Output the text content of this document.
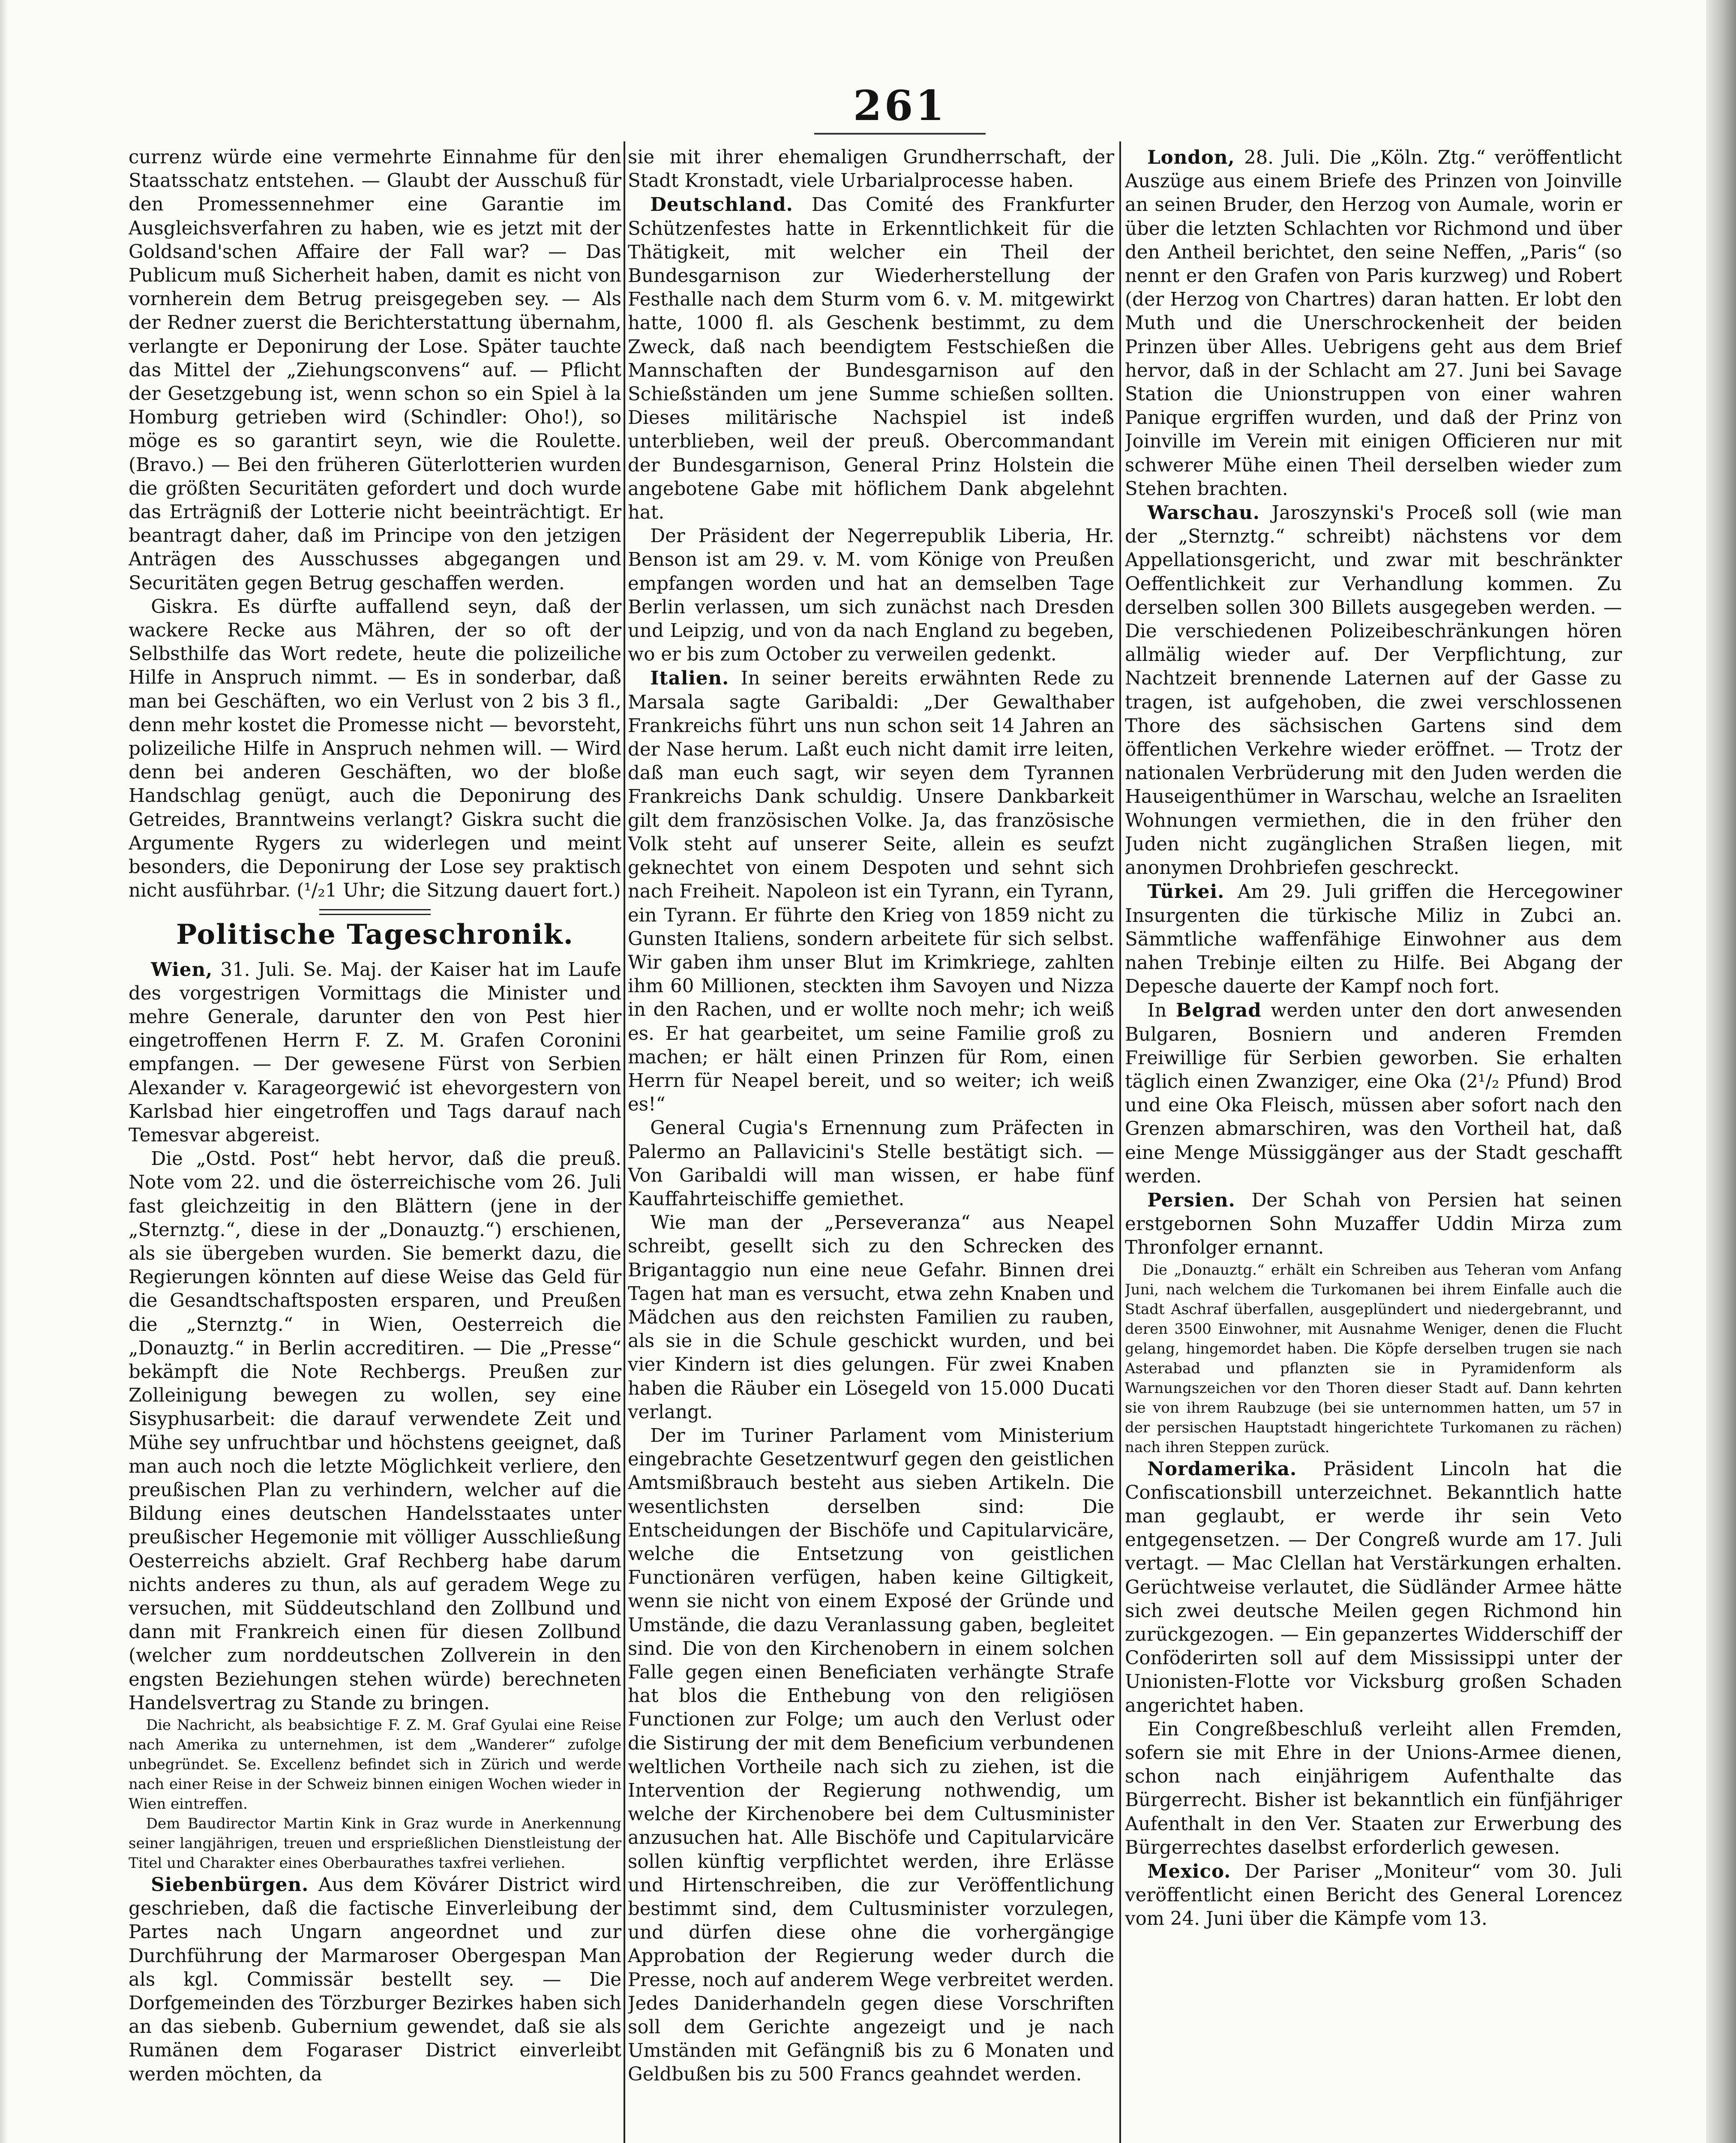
261

currenz würde eine vermehrte Einnahme für den Staatsschatz entstehen. — Glaubt der Ausschuß für den Promessennehmer eine Garantie im Ausgleichsverfahren zu haben, wie es jetzt mit der Goldsand'schen Affaire der Fall war? — Das Publicum muß Sicherheit haben, damit es nicht von vornherein dem Betrug preisgegeben sey. — Als der Redner zuerst die Berichterstattung übernahm, verlangte er Deponirung der Lose. Später tauchte das Mittel der „Ziehungsconvens“ auf. — Pflicht der Gesetzgebung ist, wenn schon so ein Spiel à la Homburg getrieben wird (Schindler: Oho!), so möge es so garantirt seyn, wie die Roulette. (Bravo.) — Bei den früheren Güterlotterien wurden die größten Securitäten gefordert und doch wurde das Erträgniß der Lotterie nicht beeinträchtigt. Er beantragt daher, daß im Principe von den jetzigen Anträgen des Ausschusses abgegangen und Securitäten gegen Betrug geschaffen werden.

Giskra. Es dürfte auffallend seyn, daß der wackere Recke aus Mähren, der so oft der Selbsthilfe das Wort redete, heute die polizeiliche Hilfe in Anspruch nimmt. — Es in sonderbar, daß man bei Geschäften, wo ein Verlust von 2 bis 3 fl., denn mehr kostet die Promesse nicht — bevorsteht, polizeiliche Hilfe in Anspruch nehmen will. — Wird denn bei anderen Geschäften, wo der bloße Handschlag genügt, auch die Deponirung des Getreides, Branntweins verlangt? Giskra sucht die Argumente Rygers zu widerlegen und meint besonders, die Deponirung der Lose sey praktisch nicht ausführbar. (¹/₂1 Uhr; die Sitzung dauert fort.)

Politische Tageschronik.

Wien, 31. Juli. Se. Maj. der Kaiser hat im Laufe des vorgestrigen Vormittags die Minister und mehre Generale, darunter den von Pest hier eingetroffenen Herrn F. Z. M. Grafen Coronini empfangen. — Der gewesene Fürst von Serbien Alexander v. Karageorgewić ist ehevorgestern von Karlsbad hier eingetroffen und Tags darauf nach Temesvar abgereist.

Die „Ostd. Post“ hebt hervor, daß die preuß. Note vom 22. und die österreichische vom 26. Juli fast gleichzeitig in den Blättern (jene in der „Sternztg.“, diese in der „Donauztg.“) erschienen, als sie übergeben wurden. Sie bemerkt dazu, die Regierungen könnten auf diese Weise das Geld für die Gesandtschaftsposten ersparen, und Preußen die „Sternztg.“ in Wien, Oesterreich die „Donauztg.“ in Berlin accreditiren. — Die „Presse“ bekämpft die Note Rechbergs. Preußen zur Zolleinigung bewegen zu wollen, sey eine Sisyphusarbeit: die darauf verwendete Zeit und Mühe sey unfruchtbar und höchstens geeignet, daß man auch noch die letzte Möglichkeit verliere, den preußischen Plan zu verhindern, welcher auf die Bildung eines deutschen Handelsstaates unter preußischer Hegemonie mit völliger Ausschließung Oesterreichs abzielt. Graf Rechberg habe darum nichts anderes zu thun, als auf geradem Wege zu versuchen, mit Süddeutschland den Zollbund und dann mit Frankreich einen für diesen Zollbund (welcher zum norddeutschen Zollverein in den engsten Beziehungen stehen würde) berechneten Handelsvertrag zu Stande zu bringen.

Die Nachricht, als beabsichtige F. Z. M. Graf Gyulai eine Reise nach Amerika zu unternehmen, ist dem „Wanderer“ zufolge unbegründet. Se. Excellenz befindet sich in Zürich und werde nach einer Reise in der Schweiz binnen einigen Wochen wieder in Wien eintreffen.

Dem Baudirector Martin Kink in Graz wurde in Anerkennung seiner langjährigen, treuen und ersprießlichen Dienstleistung der Titel und Charakter eines Oberbaurathes taxfrei verliehen.

Siebenbürgen. Aus dem Kövárer District wird geschrieben, daß die factische Einverleibung der Partes nach Ungarn angeordnet und zur Durchführung der Marmaroser Obergespan Man als kgl. Commissär bestellt sey. — Die Dorfgemeinden des Törzburger Bezirkes haben sich an das siebenb. Gubernium gewendet, daß sie als Rumänen dem Fogaraser District einverleibt werden möchten, da

sie mit ihrer ehemaligen Grundherrschaft, der Stadt Kronstadt, viele Urbarialprocesse haben.

Deutschland. Das Comité des Frankfurter Schützenfestes hatte in Erkenntlichkeit für die Thätigkeit, mit welcher ein Theil der Bundesgarnison zur Wiederherstellung der Festhalle nach dem Sturm vom 6. v. M. mitgewirkt hatte, 1000 fl. als Geschenk bestimmt, zu dem Zweck, daß nach beendigtem Festschießen die Mannschaften der Bundesgarnison auf den Schießständen um jene Summe schießen sollten. Dieses militärische Nachspiel ist indeß unterblieben, weil der preuß. Obercommandant der Bundesgarnison, General Prinz Holstein die angebotene Gabe mit höflichem Dank abgelehnt hat.

Der Präsident der Negerrepublik Liberia, Hr. Benson ist am 29. v. M. vom Könige von Preußen empfangen worden und hat an demselben Tage Berlin verlassen, um sich zunächst nach Dresden und Leipzig, und von da nach England zu begeben, wo er bis zum October zu verweilen gedenkt.

Italien. In seiner bereits erwähnten Rede zu Marsala sagte Garibaldi: „Der Gewalthaber Frankreichs führt uns nun schon seit 14 Jahren an der Nase herum. Laßt euch nicht damit irre leiten, daß man euch sagt, wir seyen dem Tyrannen Frankreichs Dank schuldig. Unsere Dankbarkeit gilt dem französischen Volke. Ja, das französische Volk steht auf unserer Seite, allein es seufzt geknechtet von einem Despoten und sehnt sich nach Freiheit. Napoleon ist ein Tyrann, ein Tyrann, ein Tyrann. Er führte den Krieg von 1859 nicht zu Gunsten Italiens, sondern arbeitete für sich selbst. Wir gaben ihm unser Blut im Krimkriege, zahlten ihm 60 Millionen, steckten ihm Savoyen und Nizza in den Rachen, und er wollte noch mehr; ich weiß es. Er hat gearbeitet, um seine Familie groß zu machen; er hält einen Prinzen für Rom, einen Herrn für Neapel bereit, und so weiter; ich weiß es!“

General Cugia's Ernennung zum Präfecten in Palermo an Pallavicini's Stelle bestätigt sich. — Von Garibaldi will man wissen, er habe fünf Kauffahrteischiffe gemiethet.

Wie man der „Perseveranza“ aus Neapel schreibt, gesellt sich zu den Schrecken des Brigantaggio nun eine neue Gefahr. Binnen drei Tagen hat man es versucht, etwa zehn Knaben und Mädchen aus den reichsten Familien zu rauben, als sie in die Schule geschickt wurden, und bei vier Kindern ist dies gelungen. Für zwei Knaben haben die Räuber ein Lösegeld von 15.000 Ducati verlangt.

Der im Turiner Parlament vom Ministerium eingebrachte Gesetzentwurf gegen den geistlichen Amtsmißbrauch besteht aus sieben Artikeln. Die wesentlichsten derselben sind: Die Entscheidungen der Bischöfe und Capitularvicäre, welche die Entsetzung von geistlichen Functionären verfügen, haben keine Giltigkeit, wenn sie nicht von einem Exposé der Gründe und Umstände, die dazu Veranlassung gaben, begleitet sind. Die von den Kirchenobern in einem solchen Falle gegen einen Beneficiaten verhängte Strafe hat blos die Enthebung von den religiösen Functionen zur Folge; um auch den Verlust oder die Sistirung der mit dem Beneficium verbundenen weltlichen Vortheile nach sich zu ziehen, ist die Intervention der Regierung nothwendig, um welche der Kirchenobere bei dem Cultusminister anzusuchen hat. Alle Bischöfe und Capitularvicäre sollen künftig verpflichtet werden, ihre Erlässe und Hirtenschreiben, die zur Veröffentlichung bestimmt sind, dem Cultusminister vorzulegen, und dürfen diese ohne die vorhergängige Approbation der Regierung weder durch die Presse, noch auf anderem Wege verbreitet werden. Jedes Daniderhandeln gegen diese Vorschriften soll dem Gerichte angezeigt und je nach Umständen mit Gefängniß bis zu 6 Monaten und Geldbußen bis zu 500 Francs geahndet werden.

London, 28. Juli. Die „Köln. Ztg.“ veröffentlicht Auszüge aus einem Briefe des Prinzen von Joinville an seinen Bruder, den Herzog von Aumale, worin er über die letzten Schlachten vor Richmond und über den Antheil berichtet, den seine Neffen, „Paris“ (so nennt er den Grafen von Paris kurzweg) und Robert (der Herzog von Chartres) daran hatten. Er lobt den Muth und die Unerschrockenheit der beiden Prinzen über Alles. Uebrigens geht aus dem Brief hervor, daß in der Schlacht am 27. Juni bei Savage Station die Unionstruppen von einer wahren Panique ergriffen wurden, und daß der Prinz von Joinville im Verein mit einigen Officieren nur mit schwerer Mühe einen Theil derselben wieder zum Stehen brachten.

Warschau. Jaroszynski's Proceß soll (wie man der „Sternztg.“ schreibt) nächstens vor dem Appellationsgericht, und zwar mit beschränkter Oeffentlichkeit zur Verhandlung kommen. Zu derselben sollen 300 Billets ausgegeben werden. — Die verschiedenen Polizeibeschränkungen hören allmälig wieder auf. Der Verpflichtung, zur Nachtzeit brennende Laternen auf der Gasse zu tragen, ist aufgehoben, die zwei verschlossenen Thore des sächsischen Gartens sind dem öffentlichen Verkehre wieder eröffnet. — Trotz der nationalen Verbrüderung mit den Juden werden die Hauseigenthümer in Warschau, welche an Israeliten Wohnungen vermiethen, die in den früher den Juden nicht zugänglichen Straßen liegen, mit anonymen Drohbriefen geschreckt.

Türkei. Am 29. Juli griffen die Hercegowiner Insurgenten die türkische Miliz in Zubci an. Sämmtliche waffenfähige Einwohner aus dem nahen Trebinje eilten zu Hilfe. Bei Abgang der Depesche dauerte der Kampf noch fort.

In Belgrad werden unter den dort anwesenden Bulgaren, Bosniern und anderen Fremden Freiwillige für Serbien geworben. Sie erhalten täglich einen Zwanziger, eine Oka (2¹/₂ Pfund) Brod und eine Oka Fleisch, müssen aber sofort nach den Grenzen abmarschiren, was den Vortheil hat, daß eine Menge Müssiggänger aus der Stadt geschafft werden.

Persien. Der Schah von Persien hat seinen erstgebornen Sohn Muzaffer Uddin Mirza zum Thronfolger ernannt.

Die „Donauztg.“ erhält ein Schreiben aus Teheran vom Anfang Juni, nach welchem die Turkomanen bei ihrem Einfalle auch die Stadt Aschraf überfallen, ausgeplündert und niedergebrannt, und deren 3500 Einwohner, mit Ausnahme Weniger, denen die Flucht gelang, hingemordet haben. Die Köpfe derselben trugen sie nach Asterabad und pflanzten sie in Pyramidenform als Warnungszeichen vor den Thoren dieser Stadt auf. Dann kehrten sie von ihrem Raubzuge (bei sie unternommen hatten, um 57 in der persischen Hauptstadt hingerichtete Turkomanen zu rächen) nach ihren Steppen zurück.

Nordamerika. Präsident Lincoln hat die Confiscationsbill unterzeichnet. Bekanntlich hatte man geglaubt, er werde ihr sein Veto entgegensetzen. — Der Congreß wurde am 17. Juli vertagt. — Mac Clellan hat Verstärkungen erhalten. Gerüchtweise verlautet, die Südländer Armee hätte sich zwei deutsche Meilen gegen Richmond hin zurückgezogen. — Ein gepanzertes Widderschiff der Conföderirten soll auf dem Mississippi unter der Unionisten-Flotte vor Vicksburg großen Schaden angerichtet haben.

Ein Congreßbeschluß verleiht allen Fremden, sofern sie mit Ehre in der Unions-Armee dienen, schon nach einjährigem Aufenthalte das Bürgerrecht. Bisher ist bekanntlich ein fünfjähriger Aufenthalt in den Ver. Staaten zur Erwerbung des Bürgerrechtes daselbst erforderlich gewesen.

Mexico. Der Pariser „Moniteur“ vom 30. Juli veröffentlicht einen Bericht des General Lorencez vom 24. Juni über die Kämpfe vom 13.
